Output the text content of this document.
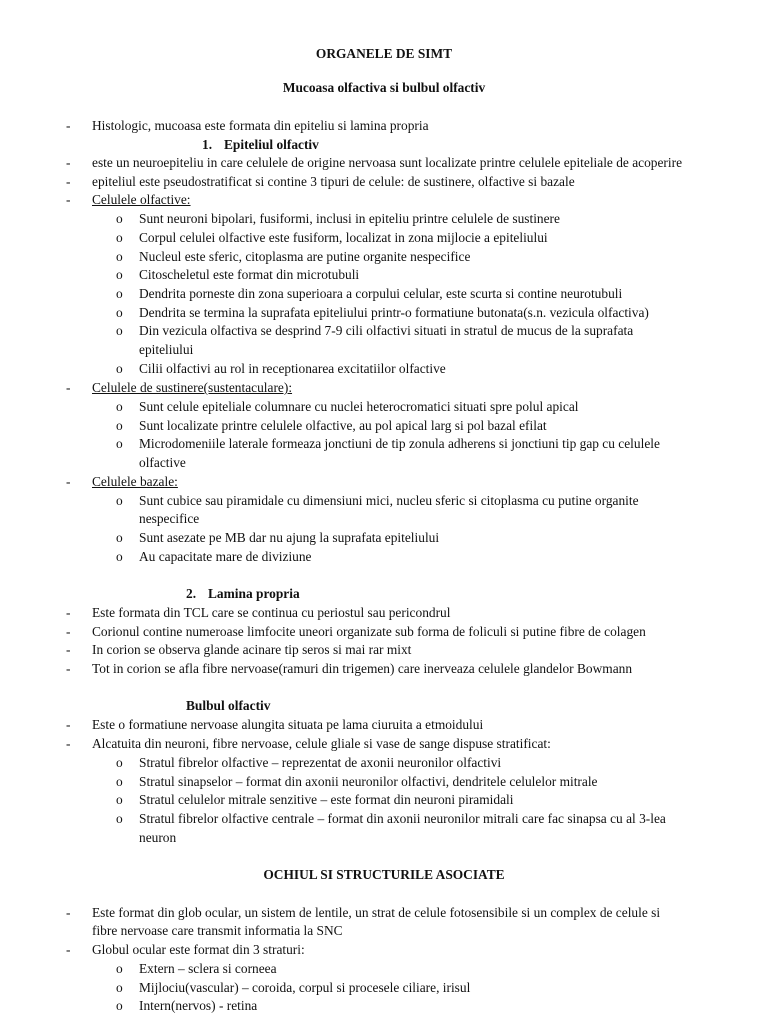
ORGANELE DE SIMT
Mucoasa olfactiva si bulbul olfactiv
- Histologic, mucoasa este formata din epiteliu si lamina propria
1. Epiteliul olfactiv
- este un neuroepiteliu in care celulele de origine nervoasa sunt localizate printre celulele epiteliale de acoperire
- epiteliul este pseudostratificat si contine 3 tipuri de celule: de sustinere, olfactive si bazale
- Celulele olfactive:
o Sunt neuroni bipolari, fusiformi, inclusi in epiteliu printre celulele de sustinere
o Corpul celulei olfactive este fusiform, localizat in zona mijlocie a epiteliului
o Nucleul este sferic, citoplasma are putine organite nespecifice
o Citoscheletul este format din microtubuli
o Dendrita porneste din zona superioara a corpului celular, este scurta si contine neurotubuli
o Dendrita se termina la suprafata epiteliului printr-o formatiune butonata(s.n. vezicula olfactiva)
o Din vezicula olfactiva se desprind 7-9 cili olfactivi situati in stratul de mucus de la suprafata
epiteliului
o Cilii olfactivi au rol in receptionarea excitatiilor olfactive
- Celulele de sustinere(sustentaculare):
o Sunt celule epiteliale columnare cu nuclei heterocromatici situati spre polul apical
o Sunt localizate printre celulele olfactive, au pol apical larg si pol bazal efilat
o Microdomeniile laterale formeaza jonctiuni de tip zonula adherens si jonctiuni tip gap cu celulele
olfactive
- Celulele bazale:
o Sunt cubice sau piramidale cu dimensiuni mici, nucleu sferic si citoplasma cu putine organite
nespecifice
o Sunt asezate pe MB dar nu ajung la suprafata epiteliului
o Au capacitate mare de diviziune
2. Lamina propria
- Este formata din TCL care se continua cu periostul sau pericondrul
- Corionul contine numeroase limfocite uneori organizate sub forma de foliculi si putine fibre de colagen
- In corion se observa glande acinare tip seros si mai rar mixt
- Tot in corion se afla fibre nervoase(ramuri din trigemen) care inerveaza celulele glandelor Bowmann
Bulbul olfactiv
- Este o formatiune nervoase alungita situata pe lama ciuruita a etmoidului
- Alcatuita din neuroni, fibre nervoase, celule gliale si vase de sange dispuse stratificat:
o Stratul fibrelor olfactive – reprezentat de axonii neuronilor olfactivi
o Stratul sinapselor – format din axonii neuronilor olfactivi, dendritele celulelor mitrale
o Stratul celulelor mitrale senzitive – este format din neuroni piramidali
o Stratul fibrelor olfactive centrale – format din axonii neuronilor mitrali care fac sinapsa cu al 3-lea
neuron
OCHIUL SI STRUCTURILE ASOCIATE
- Este format din glob ocular, un sistem de lentile, un strat de celule fotosensibile si un complex de celule si
fibre nervoase care transmit informatia la SNC
- Globul ocular este format din 3 straturi:
o Extern – sclera si corneea
o Mijlociu(vascular) – coroida, corpul si procesele ciliare, irisul
o Intern(nervos) - retina
